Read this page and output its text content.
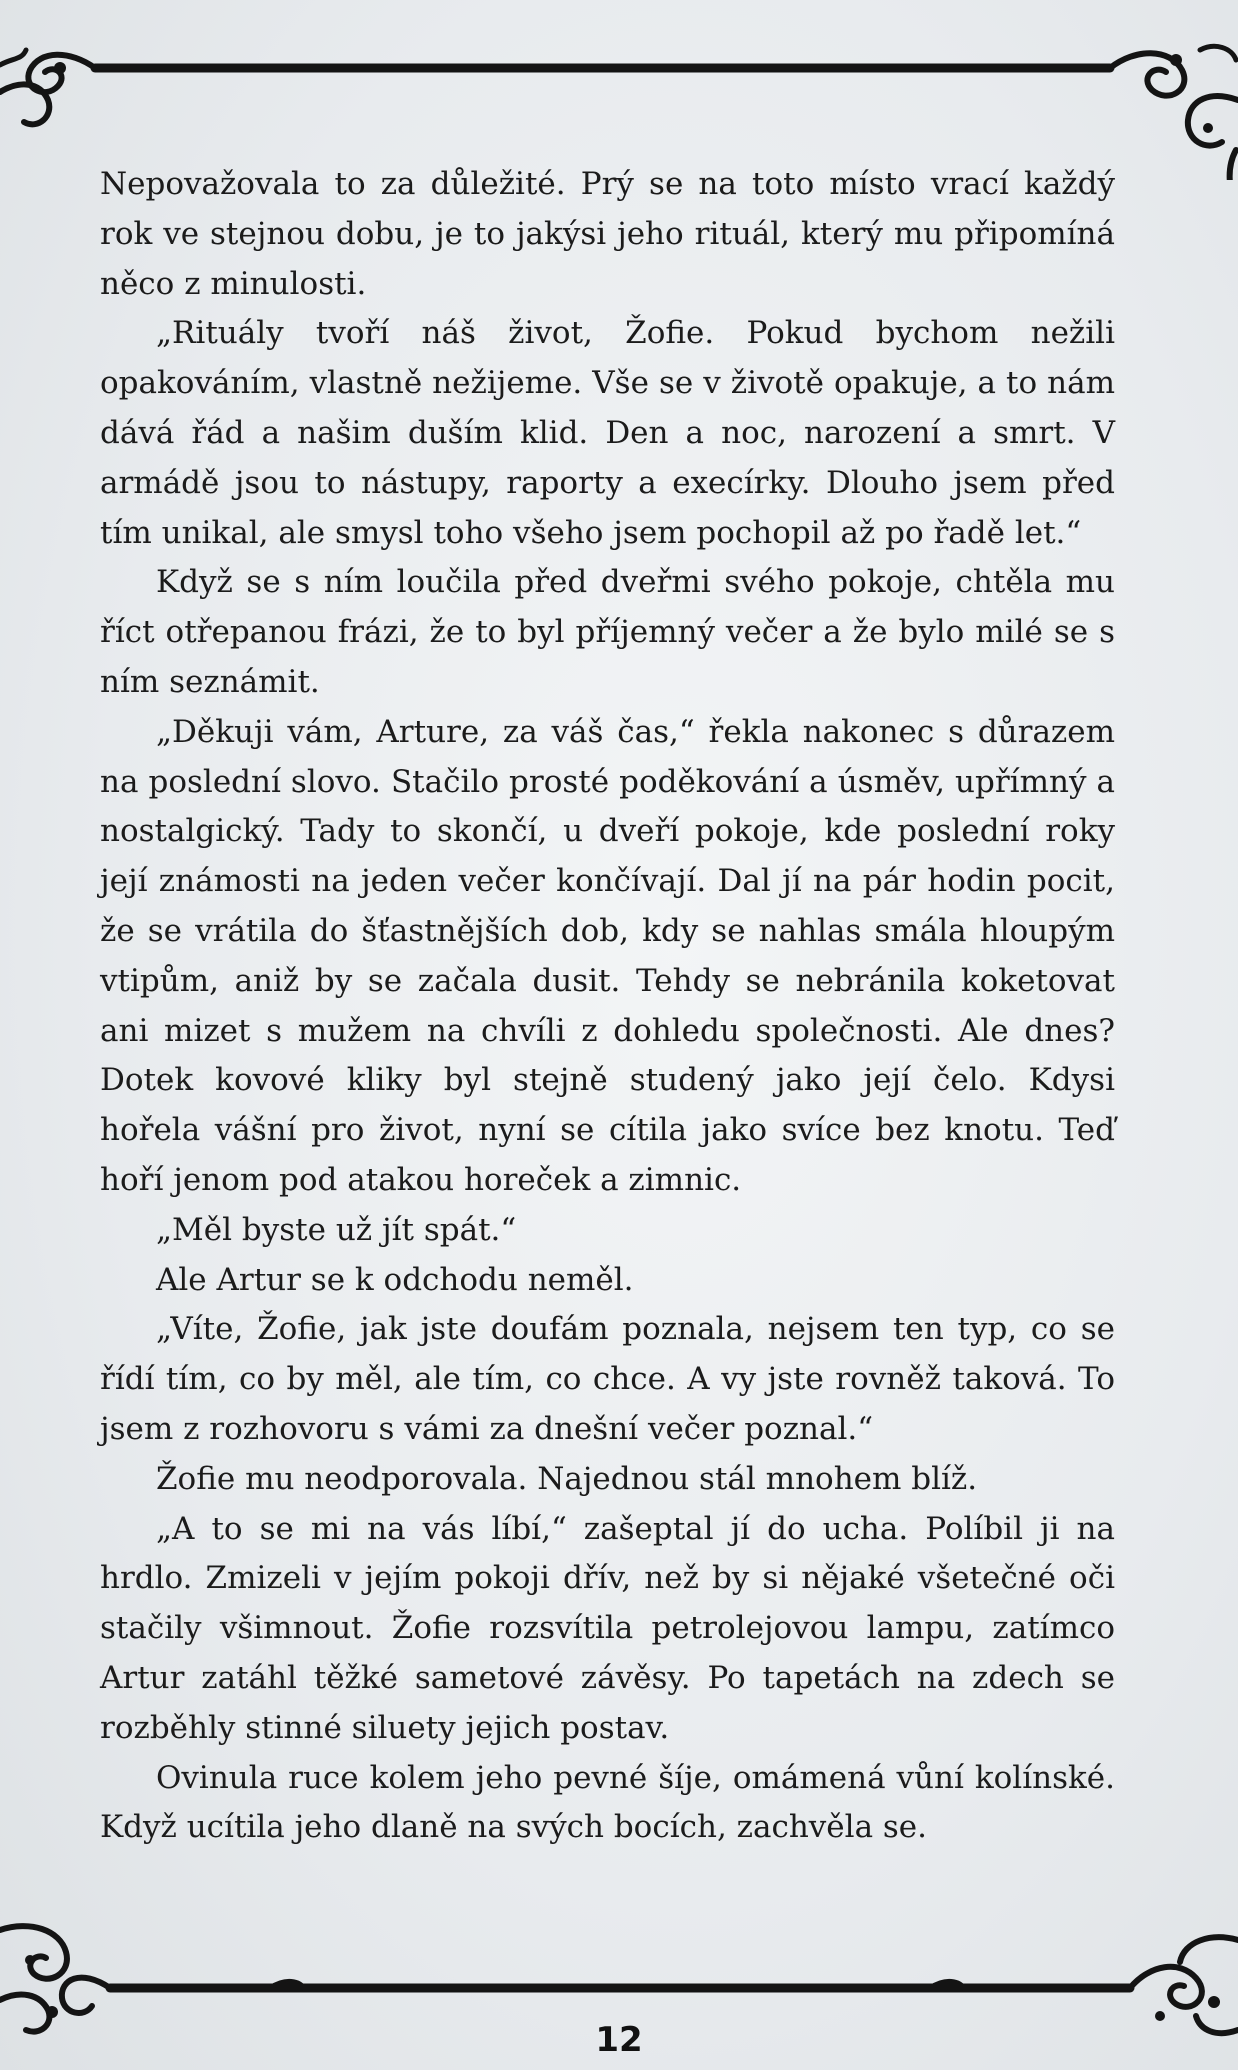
Nepovažovala to za důležité. Prý se na toto místo vrací každý rok ve stejnou dobu, je to jakýsi jeho rituál, který mu připomíná něco z minulosti.

„Rituály tvoří náš život, Žofie. Pokud bychom nežili opakováním, vlastně nežijeme. Vše se v životě opakuje, a to nám dává řád a našim duším klid. Den a noc, narození a smrt. V armádě jsou to nástupy, raporty a execírky. Dlouho jsem před tím unikal, ale smysl toho všeho jsem pochopil až po řadě let.“

Když se s ním loučila před dveřmi svého pokoje, chtěla mu říct otřepanou frázi, že to byl příjemný večer a že bylo milé se s ním seznámit.

„Děkuji vám, Arture, za váš čas,“ řekla nakonec s důrazem na poslední slovo. Stačilo prosté poděkování a úsměv, upřímný a nostalgický. Tady to skončí, u dveří pokoje, kde poslední roky její známosti na jeden večer končívají. Dal jí na pár hodin pocit, že se vrátila do šťastnějších dob, kdy se nahlas smála hloupým vtipům, aniž by se začala dusit. Tehdy se nebránila koketovat ani mizet s mužem na chvíli z dohledu společnosti. Ale dnes? Dotek kovové kliky byl stejně studený jako její čelo. Kdysi hořela vášní pro život, nyní se cítila jako svíce bez knotu. Teď hoří jenom pod atakou horeček a zimnic.

„Měl byste už jít spát.“

Ale Artur se k odchodu neměl.

„Víte, Žofie, jak jste doufám poznala, nejsem ten typ, co se řídí tím, co by měl, ale tím, co chce. A vy jste rovněž taková. To jsem z rozhovoru s vámi za dnešní večer poznal.“

Žofie mu neodporovala. Najednou stál mnohem blíž.

„A to se mi na vás líbí,“ zašeptal jí do ucha. Políbil ji na hrdlo. Zmizeli v jejím pokoji dřív, než by si nějaké všetečné oči stačily všimnout. Žofie rozsvítila petrolejovou lampu, zatímco Artur zatáhl těžké sametové závěsy. Po tapetách na zdech se rozběhly stinné siluety jejich postav.

Ovinula ruce kolem jeho pevné šíje, omámená vůní kolínské. Když ucítila jeho dlaně na svých bocích, zachvěla se.

12
